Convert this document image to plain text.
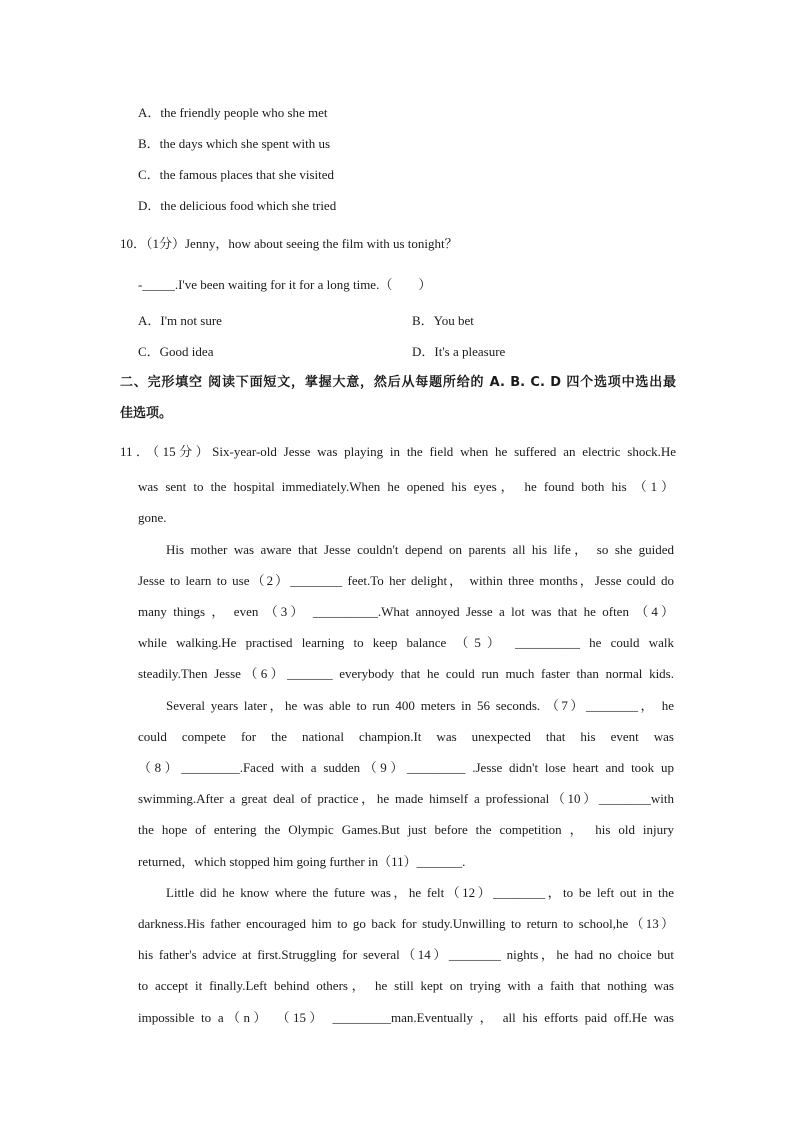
A．the friendly people who she met
B．the days which she spent with us
C．the famous places that she visited
D．the delicious food which she tried
10．（1分）Jenny，how about seeing the film with us tonight？
-_____.I've been waiting for it for a long time.（　　）
A．I'm not sure	B．You bet
C．Good idea	D．It's a pleasure
二、完形填空 阅读下面短文，掌握大意，然后从每题所给的 A. B. C. D 四个选项中选出最
佳选项。
11．（15分）Six-year-old Jesse was playing in the field when he suffered an electric shock.He
was sent to the hospital immediately.When he opened his eyes， he found both his （1）
gone.
His mother was aware that Jesse couldn't depend on parents all his life， so she guided
Jesse to learn to use（2）________ feet.To her delight， within three months，Jesse could do
many things ， even （3） __________.What annoyed Jesse a lot was that he often （4）
while walking.He practised learning to keep balance （5） __________ he could walk
steadily.Then Jesse（6）_______ everybody that he could run much faster than normal kids.
Several years later，he was able to run 400 meters in 56 seconds. （7）________， he
could compete for the national champion.It was unexpected that his event was
（8）_________.Faced with a sudden（9）_________ .Jesse didn't lose heart and took up
swimming.After a great deal of practice，he made himself a professional（10）________with
the hope of entering the Olympic Games.But just before the competition ， his old injury
returned，which stopped him going further in（11）_______.
Little did he know where the future was，he felt（12）________，to be left out in the
darkness.His father encouraged him to go back for study.Unwilling to return to school,he（13）
his father's advice at first.Struggling for several（14）________ nights，he had no choice but
to accept it finally.Left behind others， he still kept on trying with a faith that nothing was
impossible to a（n） （15） _________man.Eventually ， all his efforts paid off.He was
